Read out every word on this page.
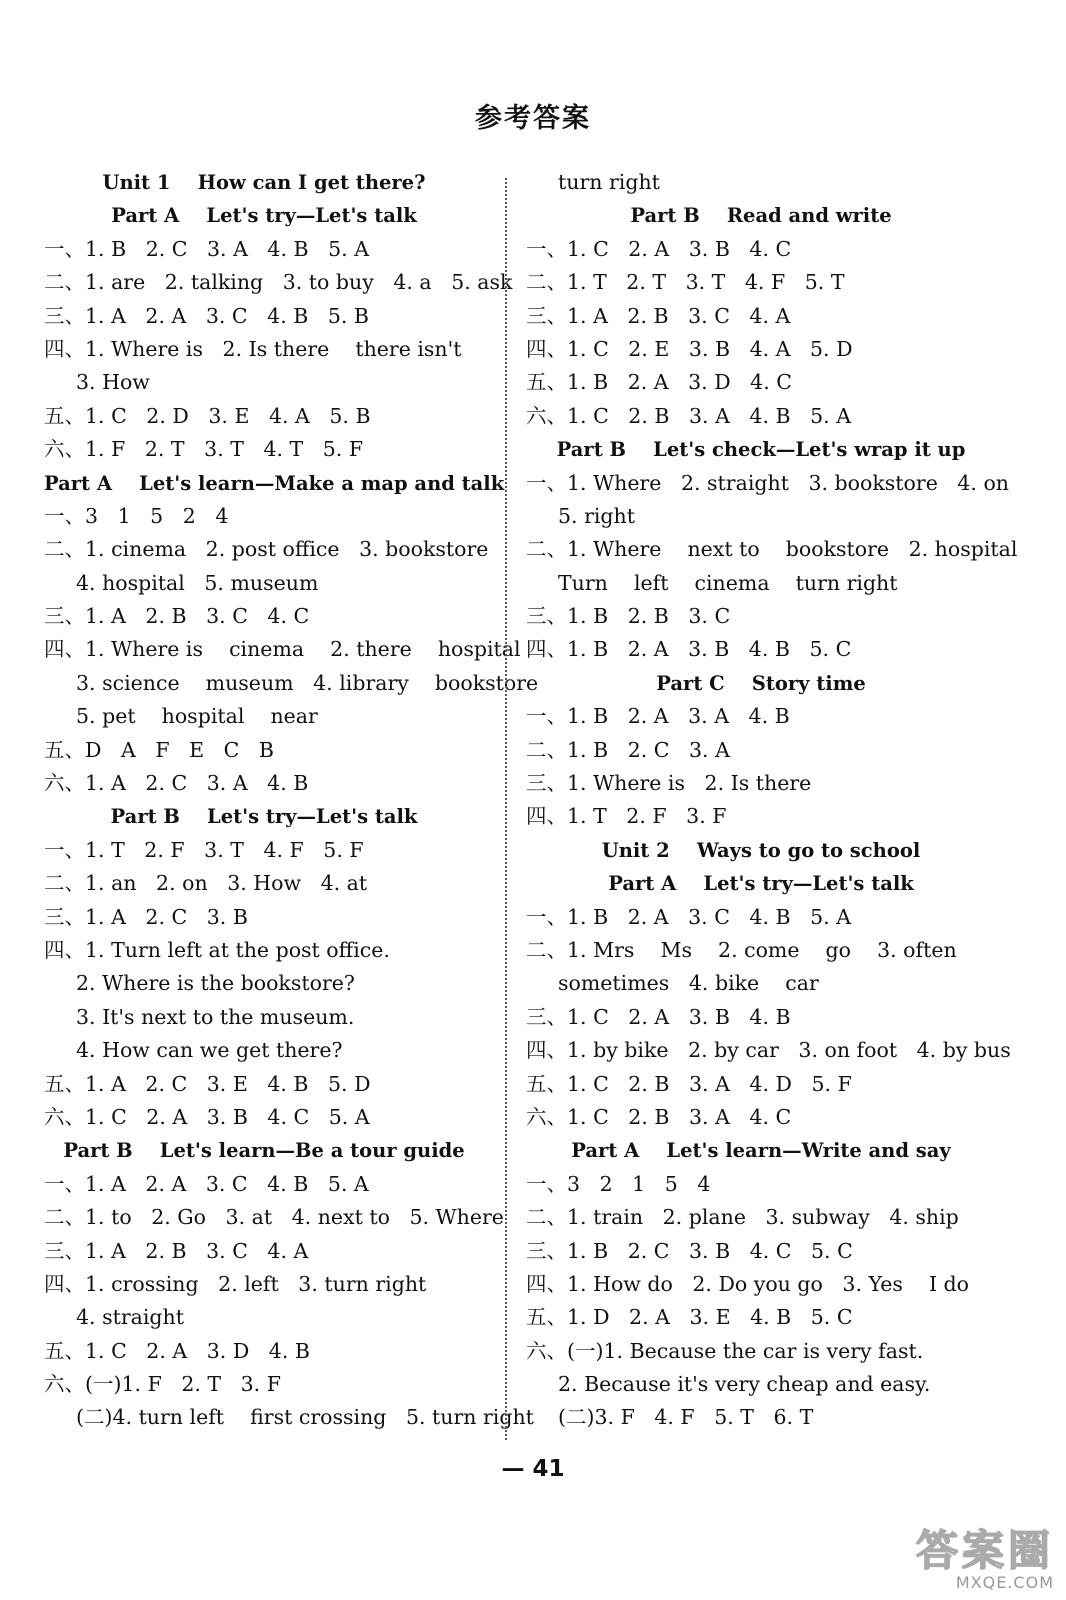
参考答案
Unit 1    How can I get there?
Part A    Let's try—Let's talk
一、1. B   2. C   3. A   4. B   5. A
二、1. are   2. talking   3. to buy   4. a   5. ask
三、1. A   2. A   3. C   4. B   5. B
四、1. Where is   2. Is there    there isn't
3. How
五、1. C   2. D   3. E   4. A   5. B
六、1. F   2. T   3. T   4. T   5. F
Part A    Let's learn—Make a map and talk
一、3   1   5   2   4
二、1. cinema   2. post office   3. bookstore
4. hospital   5. museum
三、1. A   2. B   3. C   4. C
四、1. Where is    cinema    2. there    hospital
3. science    museum   4. library    bookstore
5. pet    hospital    near
五、D   A   F   E   C   B
六、1. A   2. C   3. A   4. B
Part B    Let's try—Let's talk
一、1. T   2. F   3. T   4. F   5. F
二、1. an   2. on   3. How   4. at
三、1. A   2. C   3. B
四、1. Turn left at the post office.
2. Where is the bookstore?
3. It's next to the museum.
4. How can we get there?
五、1. A   2. C   3. E   4. B   5. D
六、1. C   2. A   3. B   4. C   5. A
Part B    Let's learn—Be a tour guide
一、1. A   2. A   3. C   4. B   5. A
二、1. to   2. Go   3. at   4. next to   5. Where
三、1. A   2. B   3. C   4. A
四、1. crossing   2. left   3. turn right
4. straight
五、1. C   2. A   3. D   4. B
六、(一)1. F   2. T   3. F
(二)4. turn left    first crossing   5. turn right
turn right
Part B    Read and write
一、1. C   2. A   3. B   4. C
二、1. T   2. T   3. T   4. F   5. T
三、1. A   2. B   3. C   4. A
四、1. C   2. E   3. B   4. A   5. D
五、1. B   2. A   3. D   4. C
六、1. C   2. B   3. A   4. B   5. A
Part B    Let's check—Let's wrap it up
一、1. Where   2. straight   3. bookstore   4. on
5. right
二、1. Where    next to    bookstore   2. hospital
Turn    left    cinema    turn right
三、1. B   2. B   3. C
四、1. B   2. A   3. B   4. B   5. C
Part C    Story time
一、1. B   2. A   3. A   4. B
二、1. B   2. C   3. A
三、1. Where is   2. Is there
四、1. T   2. F   3. F
Unit 2    Ways to go to school
Part A    Let's try—Let's talk
一、1. B   2. A   3. C   4. B   5. A
二、1. Mrs    Ms    2. come    go    3. often
sometimes   4. bike    car
三、1. C   2. A   3. B   4. B
四、1. by bike   2. by car   3. on foot   4. by bus
五、1. C   2. B   3. A   4. D   5. F
六、1. C   2. B   3. A   4. C
Part A    Let's learn—Write and say
一、3   2   1   5   4
二、1. train   2. plane   3. subway   4. ship
三、1. B   2. C   3. B   4. C   5. C
四、1. How do   2. Do you go   3. Yes    I do
五、1. D   2. A   3. E   4. B   5. C
六、(一)1. Because the car is very fast.
2. Because it's very cheap and easy.
(二)3. F   4. F   5. T   6. T
— 41
答案圈
MXQE.COM
